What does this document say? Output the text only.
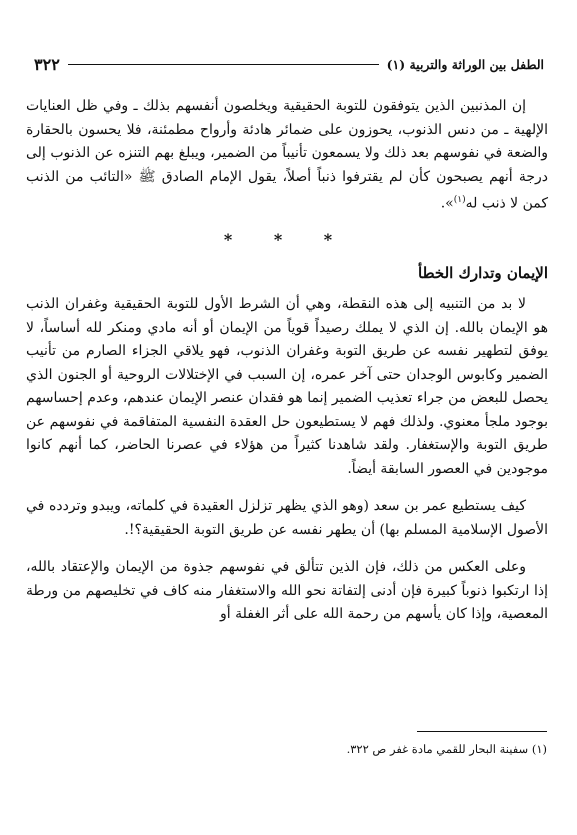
٣٢٢	الطفل بين الوراثة والتربية (١)

إن المذنبين الذين يتوفقون للتوبة الحقيقية ويخلصون أنفسهم بذلك ـ وفي ظل العنايات الإلهية ـ من دنس الذنوب، يحوزون على ضمائر هادئة وأرواح مطمئنة، فلا يحسون بالحقارة والضعة في نفوسهم بعد ذلك ولا يسمعون تأنيباً من الضمير، ويبلغ بهم التنزه عن الذنوب إلى درجة أنهم يصبحون كأن لم يقترفوا ذنباً أصلاً، يقول الإمام الصادق ﷺ «التائب من الذنب كمن لا ذنب له$^{(١)}$».

* * *

الإيمان وتدارك الخطأ

لا بد من التنبيه إلى هذه النقطة، وهي أن الشرط الأول للتوبة الحقيقية وغفران الذنب هو الإيمان بالله. إن الذي لا يملك رصيداً قوياً من الإيمان أو أنه مادي ومنكر لله أساساً، لا يوفق لتطهير نفسه عن طريق التوبة وغفران الذنوب، فهو يلاقي الجزاء الصارم من تأنيب الضمير وكابوس الوجدان حتى آخر عمره، إن السبب في الإختلالات الروحية أو الجنون الذي يحصل للبعض من جراء تعذيب الضمير إنما هو فقدان عنصر الإيمان عندهم، وعدم إحساسهم بوجود ملجأ معنوي. ولذلك فهم لا يستطيعون حل العقدة النفسية المتفاقمة في نفوسهم عن طريق التوبة والإستغفار. ولقد شاهدنا كثيراً من هؤلاء في عصرنا الحاضر، كما أنهم كانوا موجودين في العصور السابقة أيضاً.

كيف يستطيع عمر بن سعد (وهو الذي يظهر تزلزل العقيدة في كلماته، ويبدو وتردده في الأصول الإسلامية المسلم بها) أن يطهر نفسه عن طريق التوبة الحقيقية؟!.

وعلى العكس من ذلك، فإن الذين تتألق في نفوسهم جذوة من الإيمان والإعتقاد بالله، إذا ارتكبوا ذنوباً كبيرة فإن أدنى إلتفاتة نحو الله والاستغفار منه كاف في تخليصهم من ورطة المعصية، وإذا كان يأسهم من رحمة الله على أثر الغفلة أو

(١) سفينة البحار للقمي مادة غفر ص ٣٢٢.
